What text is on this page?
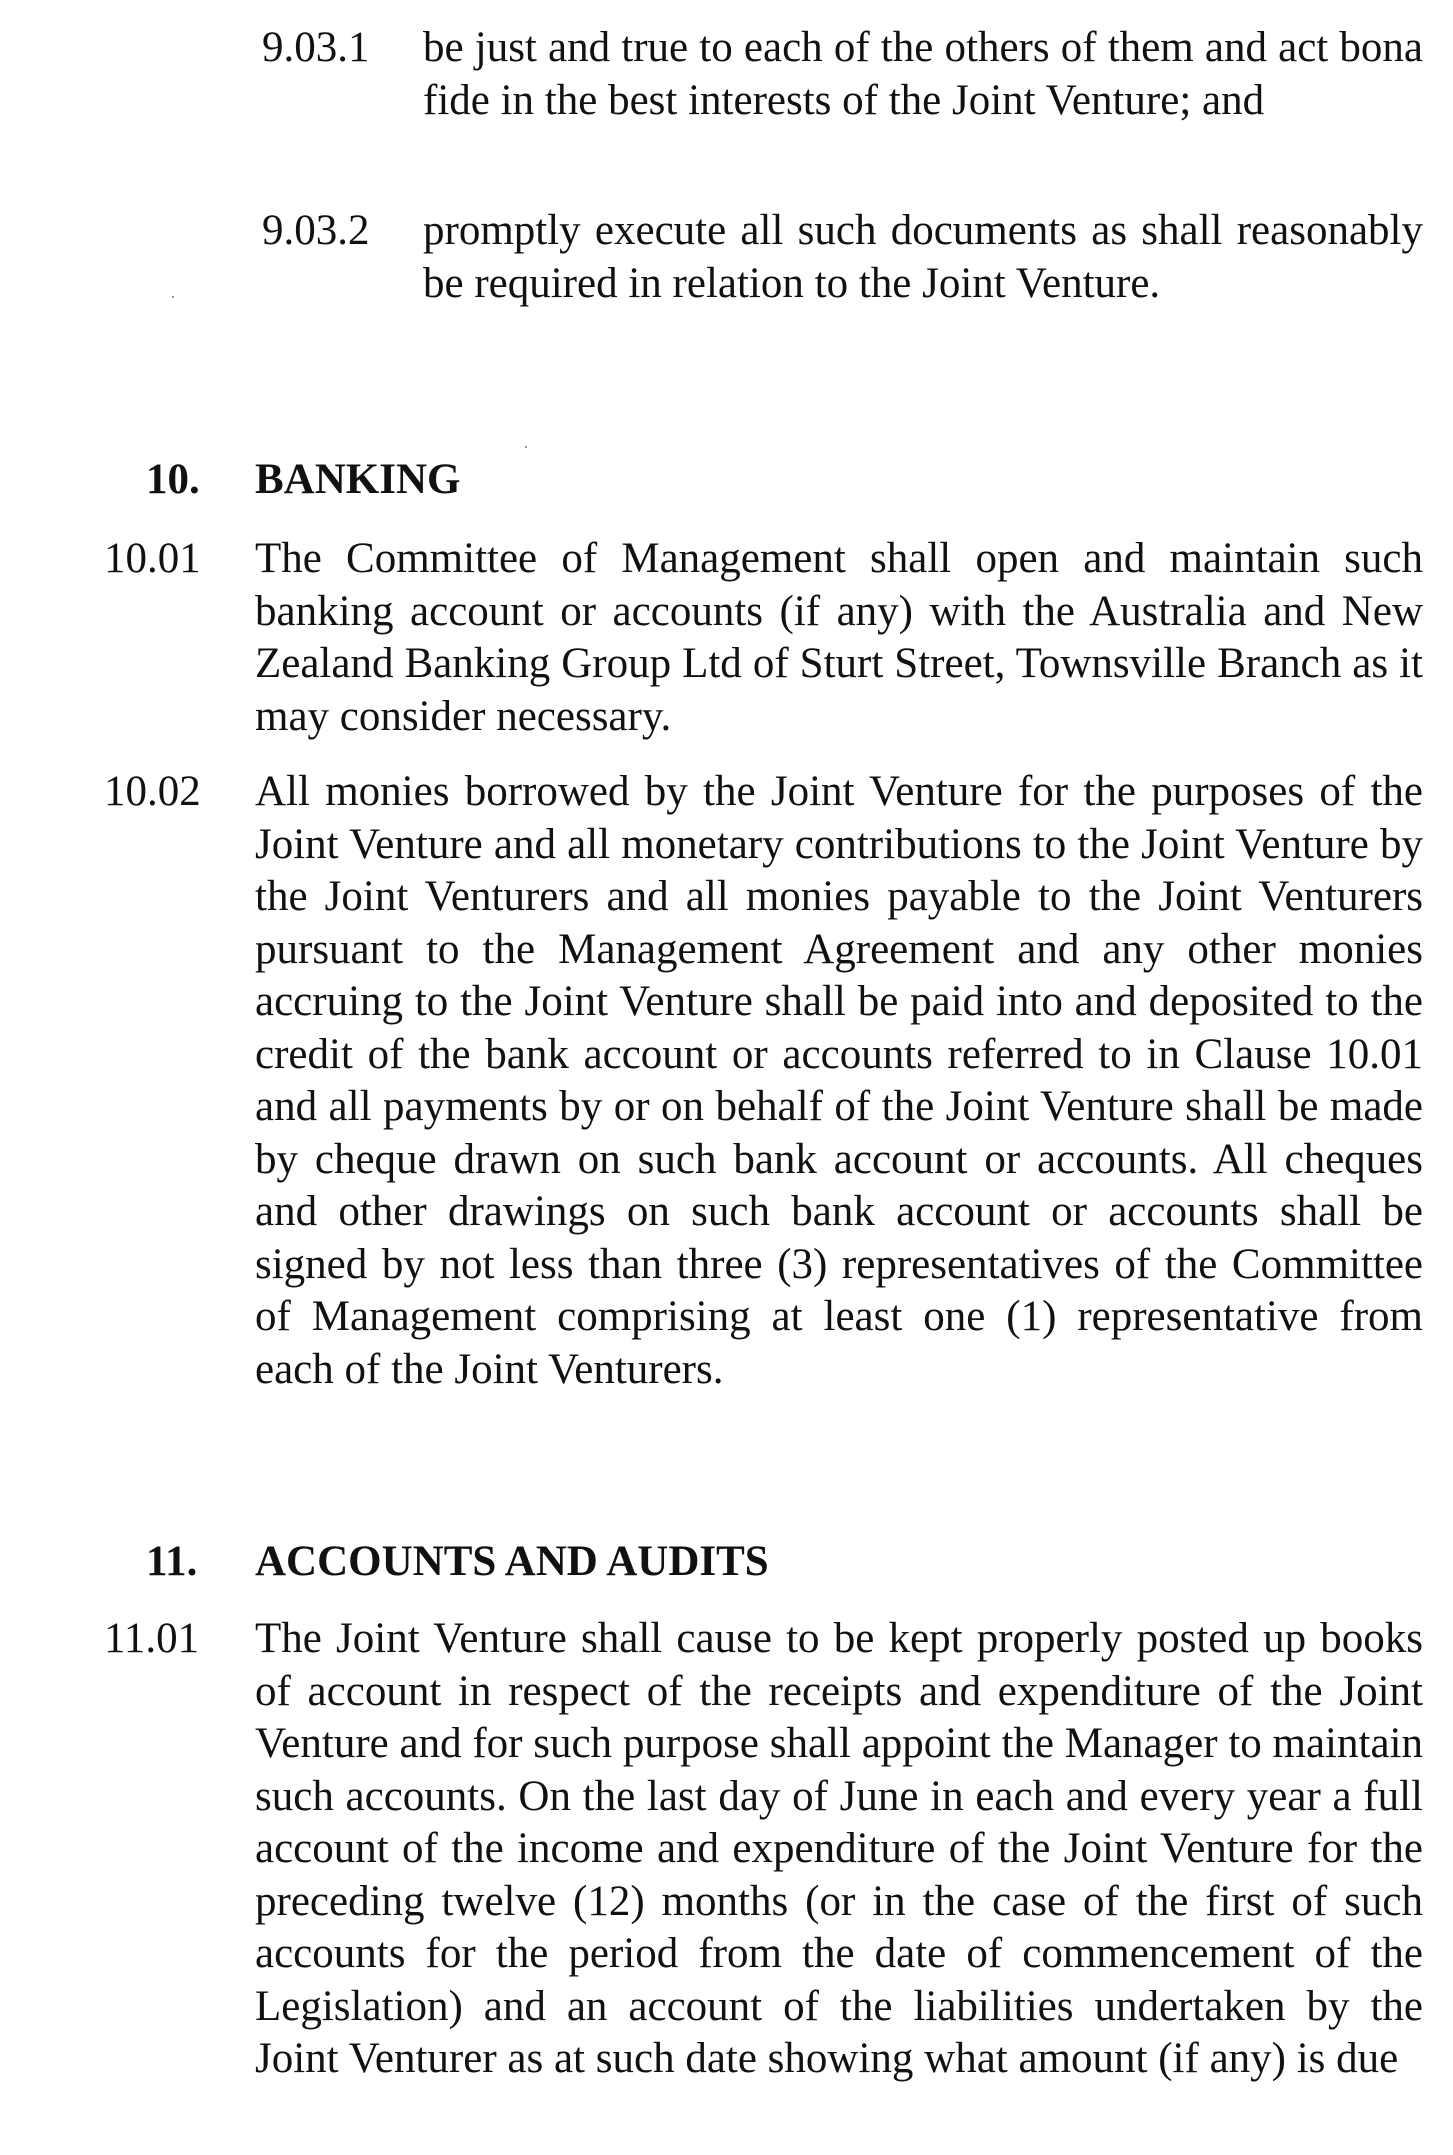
9.03.1 be just and true to each of the others of them and act bona fide in the best interests of the Joint Venture; and
9.03.2 promptly execute all such documents as shall reasonably be required in relation to the Joint Venture.
10. BANKING
10.01 The Committee of Management shall open and maintain such banking account or accounts (if any) with the Australia and New Zealand Banking Group Ltd of Sturt Street, Townsville Branch as it may consider necessary.
10.02 All monies borrowed by the Joint Venture for the purposes of the Joint Venture and all monetary contributions to the Joint Venture by the Joint Venturers and all monies payable to the Joint Venturers pursuant to the Management Agreement and any other monies accruing to the Joint Venture shall be paid into and deposited to the credit of the bank account or accounts referred to in Clause 10.01 and all payments by or on behalf of the Joint Venture shall be made by cheque drawn on such bank account or accounts. All cheques and other drawings on such bank account or accounts shall be signed by not less than three (3) representatives of the Committee of Management comprising at least one (1) representative from each of the Joint Venturers.
11. ACCOUNTS AND AUDITS
11.01 The Joint Venture shall cause to be kept properly posted up books of account in respect of the receipts and expenditure of the Joint Venture and for such purpose shall appoint the Manager to maintain such accounts. On the last day of June in each and every year a full account of the income and expenditure of the Joint Venture for the preceding twelve (12) months (or in the case of the first of such accounts for the period from the date of commencement of the Legislation) and an account of the liabilities undertaken by the Joint Venturer as at such date showing what amount (if any) is due
